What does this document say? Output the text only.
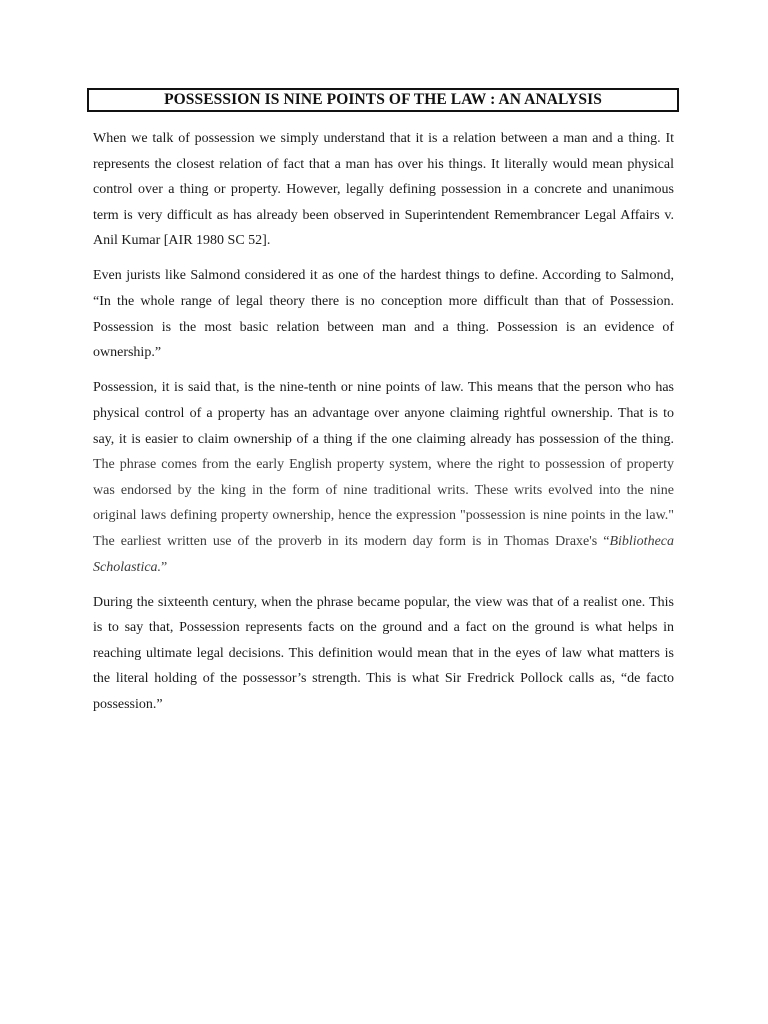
POSSESSION IS NINE POINTS OF THE LAW : AN ANALYSIS

When we talk of possession we simply understand that it is a relation between a man and a thing. It represents the closest relation of fact that a man has over his things. It literally would mean physical control over a thing or property. However, legally defining possession in a concrete and unanimous term is very difficult as has already been observed in Superintendent Remembrancer Legal Affairs v. Anil Kumar [AIR 1980 SC 52].

Even jurists like Salmond considered it as one of the hardest things to define. According to Salmond, “In the whole range of legal theory there is no conception more difficult than that of Possession. Possession is the most basic relation between man and a thing. Possession is an evidence of ownership.”

Possession, it is said that, is the nine-tenth or nine points of law. This means that the person who has physical control of a property has an advantage over anyone claiming rightful ownership. That is to say, it is easier to claim ownership of a thing if the one claiming already has possession of the thing. The phrase comes from the early English property system, where the right to possession of property was endorsed by the king in the form of nine traditional writs. These writs evolved into the nine original laws defining property ownership, hence the expression "possession is nine points in the law." The earliest written use of the proverb in its modern day form is in Thomas Draxe's “Bibliotheca Scholastica.”

During the sixteenth century, when the phrase became popular, the view was that of a realist one. This is to say that, Possession represents facts on the ground and a fact on the ground is what helps in reaching ultimate legal decisions. This definition would mean that in the eyes of law what matters is the literal holding of the possessor’s strength. This is what Sir Fredrick Pollock calls as, “de facto possession.”
